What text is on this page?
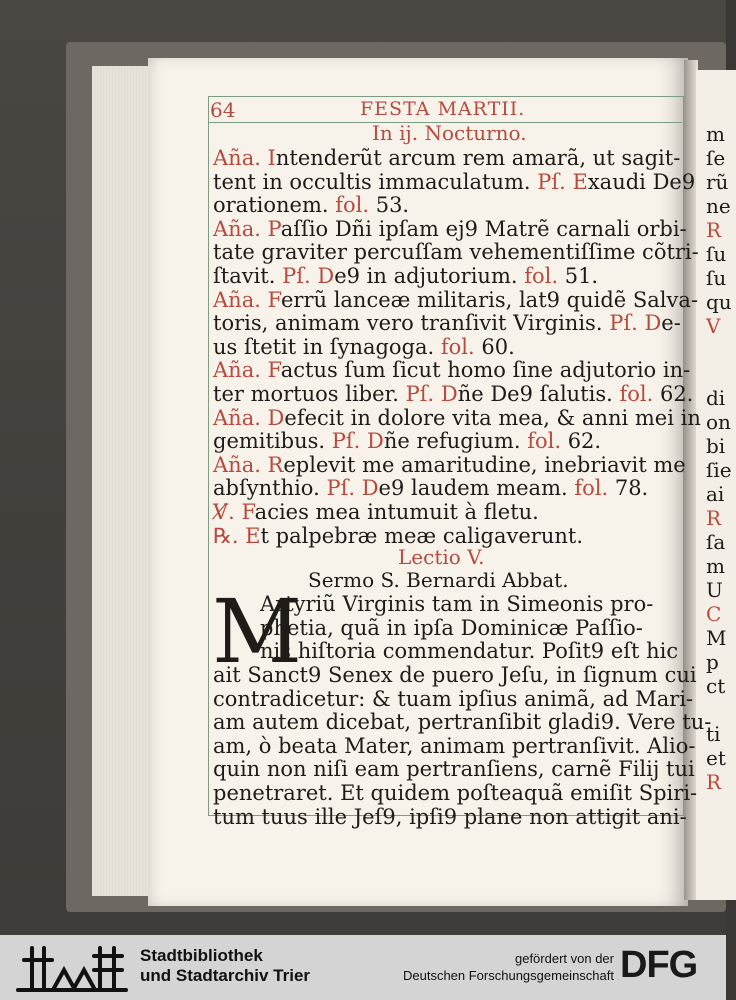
64	FESTA MARTII.
In ij. Nocturno.
Aña. Intenderũt arcum rem amarã, ut sagit-
tent in occultis immaculatum. Pſ. Exaudi De9
orationem. fol. 53.
Aña. Paſſio Dñi ipſam ej9 Matrẽ carnali orbi-
tate graviter percuſſam vehementiſſime cõtri-
ſtavit. Pſ. De9 in adjutorium. fol. 51.
Aña. Ferrũ lanceæ militaris, lat9 quidẽ Salva-
toris, animam vero tranſivit Virginis. Pſ. De-
us ſtetit in ſynagoga. fol. 60.
Aña. Factus ſum ſicut homo ſine adjutorio in-
ter mortuos liber. Pſ. Dñe De9 ſalutis. fol. 62.
Aña. Defecit in dolore vita mea, & anni mei in
gemitibus. Pſ. Dñe refugium. fol. 62.
Aña. Replevit me amaritudine, inebriavit me
abſynthio. Pſ. De9 laudem meam. fol. 78.
V̸. Facies mea intumuit à fletu.
℞. Et palpebræ meæ caligaverunt.
Lectio V.
Sermo S. Bernardi Abbat.
M
Artyriũ Virginis tam in Simeonis pro-
phetia, quã in ipſa Dominicæ Paſſio-
nis hiſtoria commendatur. Poſit9 eſt hic
ait Sanct9 Senex de puero Jeſu, in ſignum cui
contradicetur: & tuam ipſius animã, ad Mari-
am autem dicebat, pertranſibit gladi9. Vere tu-
am, ò beata Mater, animam pertranſivit. Alio-
quin non niſi eam pertranſiens, carnẽ Filij tui
penetraret. Et quidem poſteaquã emiſit Spiri-
tum tuus ille Jeſ9, ipſi9 plane non attigit ani-
m
ſe
rũ
ne
R
ſu
ſu
qu
V
di
on
bi
ſie
ai
R
ſa
m
U
C
M
p
ct
ti
et
R
Stadtbibliothek
und Stadtarchiv Trier
gefördert von der
Deutschen Forschungsgemeinschaft DFG
